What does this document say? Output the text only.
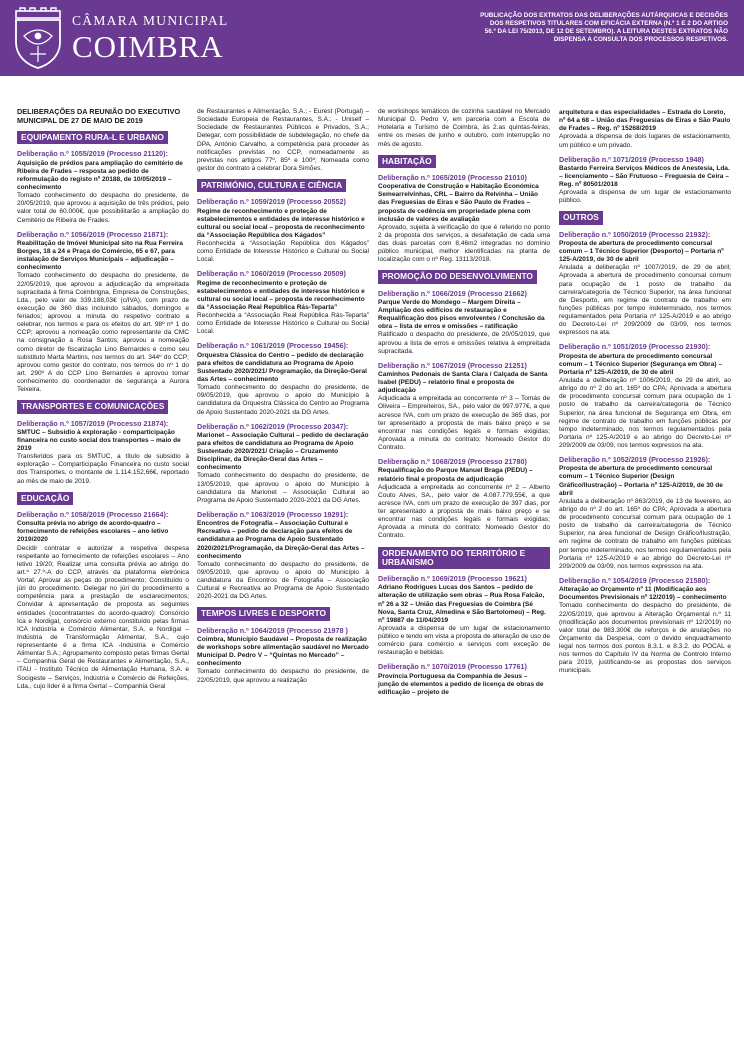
CÂMARA MUNICIPAL
COIMBRA
PUBLICAÇÃO DOS EXTRATOS DAS DELIBERAÇÕES AUTÁRQUICAS E DECISÕES DOS RESPETIVOS TITULARES COM EFICÁCIA EXTERNA (N.º 1 E 2 DO ARTIGO 56.º DA LEI 75/2013, DE 12 DE SETEMBRO). A LEITURA DESTES EXTRATOS NÃO DISPENSA A CONSULTA DOS PROCESSOS RESPETIVOS.
DELIBERAÇÕES DA REUNIÃO DO EXECUTIVO MUNICIPAL DE 27 DE MAIO DE 2019
EQUIPAMENTO RURA-L E URBANO
Deliberação n.º 1055/2019 (Processo 21120):
Aquisição de prédios para ampliação do cemitério de Ribeira de Frades – resposta ao pedido de reformulação do registo nº 20188, de 10/05/2019 – conhecimento
Tomado conhecimento do despacho do presidente, de 20/05/2019, que aprovou a aquisição de três prédios, pelo valor total de 60.000€, que possibilitarão a ampliação do Cemitério de Ribeira de Frades.
Deliberação n.º 1056/2019 (Processo 21871):
Reabilitação de Imóvel Municipal sito na Rua Ferreira Borges, 18 a 24 e Praça do Comércio, 65 e 67, para instalação de Serviços Municipais – adjudicação – conhecimento
Tomado conhecimento do despacho do presidente, de 22/05/2019, que aprovou a adjudicação da empreitada supracitada à firma Coimbrigna, Empresa de Construções, Lda., pelo valor de 339.188,03€ (c/IVA), com prazo de execução de 360 dias incluindo sábados, domingos e feriados; aprovou a minuta do respetivo contrato a celebrar, nos termos e para os efeitos do art. 98º nº 1 do CCP; aprovou a nomeação como representante da CMC na consignação a Rosa Santos; aprovou a nomeação como diretor de fiscalização Lino Bernardes e como seu substituto Marta Martins, nos termos do art. 344º do CCP; aprovou como gestor do contrato, nos termos do nº 1 do art. 290º A do CCP Lino Bernardes e aprovou tomar conhecimento do coordenador de segurança a Aurora Teixeira.
TRANSPORTES E COMUNICAÇÕES
Deliberação n.º 1057/2019 (Processo 21874):
SMTUC – Subsídio à exploração - comparticipação financeira no custo social dos transportes – maio de 2019
Transferidos para os SMTUC, a título de subsídio à exploração – Comparticipação Financeira no custo social dos Transportes, o montante de 1.114.152,66€, reportado ao mês de maio de 2019.
EDUCAÇÃO
Deliberação n.º 1058/2019 (Processo 21664):
Consulta prévia no abrigo de acordo-quadro – fornecimento de refeições escolares – ano letivo 2019/2020
Decidir contratar e autorizar a respetiva despesa respeitante ao fornecimento de refeições escolares – Ano letivo 19/20; Realizar uma consulta prévia ao abrigo do art.º 27.º-A do CCP, através da plataforma eletrónica Vortal; Aprovar as peças do procedimento; Constituído o júri do procedimento. Delegar no júri do procedimento a competência para a prestação de esclarecimentos; Convidar à apresentação de proposta as seguintes entidades (cocontratantes do acordo-quadro): Consórcio Ica e Nordigal, consórcio externo constituído pelas firmas ICA Indústria e Comércio Alimentar, S.A. e Nordigal – Indústria de Transformação Alimentar, S.A., cujo representante é a firma ICA -Indústria e Comércio Alimentar S.A.; Agrupamento composto pelas firmas Gertal – Companhia Geral de Restaurantes e Alimentação, S.A., ITAU - Instituto Técnico de Alimentação Humana, S.A. e Socigeste – Serviços, Indústria e Comércio de Refeições, Lda., cujo líder é a firma Gertal – Companhia Geral
de Restaurantes e Alimentação, S.A.; - Eurest (Portugal) – Sociedade Europeia de Restaurantes, S.A.; - Uniself – Sociedade de Restaurantes Públicos e Privados, S.A.; Delegar, com possibilidade de subdelegação, no chefe da DPA, António Carvalho, a competência para proceder às notificações previstas no CCP, nomeadamente as previstas nos artigos 77º, 85º e 100º; Nomeada como gestor do contrato a celebrar Dora Simões.
PATRIMÓNIO, CULTURA E CIÊNCIA
Deliberação n.º 1059/2019 (Processo 20552)
Regime de reconhecimento e proteção de estabelecimentos e entidades de interesse histórico e cultural ou social local – proposta de reconhecimento da “Associação República dos Kágados”
Reconhecida a “Associação República dos Kágados” como Entidade de Interesse Histórico e Cultural ou Social Local.
Deliberação n.º 1060/2019 (Processo 20509)
Regime de reconhecimento e proteção de estabelecimentos e entidades de interesse histórico e cultural ou social local – proposta de reconhecimento da “Associação Real República Rás-Teparta”
Reconhecida a “Associação Real República Rás-Teparta” como Entidade de Interesse Histórico e Cultural ou Social Local.
Deliberação n.º 1061/2019 (Processo 19456):
Orquestra Clássica do Centro – pedido de declaração para efeitos de candidatura ao Programa de Apoio Sustentado 2020/2021/ Programação, da Direção-Geral das Artes – conhecimento
Tomado conhecimento do despacho do presidente, de 09/05/2019, que aprovou o apoio do Município à candidatura da Orquestra Clássica do Centro ao Programa de Apoio Sustentado 2020-2021 da DG Artes.
Deliberação n.º 1062/2019 (Processo 20347):
Marionet – Associação Cultural – pedido de declaração para efeitos de candidatura ao Programa de Apoio Sustentado 2020/2021/ Criação – Cruzamento Disciplinar, da Direção-Geral das Artes – conhecimento
Tomado conhecimento do despacho do presidente, de 13/05/2019, que aprovou o apoio do Município à candidatura da Marionet – Associação Cultural ao Programa de Apoio Sustentado 2020-2021 da DG Artes.
Deliberação n.º 1063/2019 (Processo 19291):
Encontros de Fotografia – Associação Cultural e Recreativa – pedido de declaração para efeitos de candidatura ao Programa de Apoio Sustentado 2020/2021/Programação, da Direção-Geral das Artes – conhecimento
Tomado conhecimento do despacho do presidente, de 09/05/2019, que aprovou o apoio do Município à candidatura da Encontros de Fotografia – Associação Cultural e Recreativa ao Programa de Apoio Sustentado 2020-2021 da DG Artes.
TEMPOS LIVRES E DESPORTO
Deliberação n.º 1064/2019 (Processo 21978 )
Coimbra, Município Saudável – Proposta de realização de workshops sobre alimentação saudável no Mercado Municipal D. Pedro V – “Quintas no Mercado” – conhecimento
Tomado conhecimento do despacho do presidente, de 22/05/2019, que aprovou a realização
de workshops temáticos de cozinha saudável no Mercado Municipal D. Pedro V, em parceria com a Escola de Hotelaria e Turismo de Coimbra, às 2.as quintas-feiras, entre os meses de junho e outubro, com interrupção no mês de agosto.
HABITAÇÃO
Deliberação n.º 1065/2019 (Processo 21010)
Cooperativa de Construção e Habitação Económica Semearrelvinhas, CRL – Bairro da Relvinha – União das Freguesias de Eiras e São Paulo de Frades – proposta de cedência em propriedade plena com inclusão de valores de avaliação
Aprovado, sujeita à verificação do que é referido no ponto 2 da proposta dos serviços, a desafetação de cada uma das duas parcelas com 8,46m2 integradas no domínio público municipal, melhor identificadas na planta de localização com o nº Reg. 13113/2018.
PROMOÇÃO DO DESENVOLVIMENTO
Deliberação n.º 1066/2019 (Processo 21662)
Parque Verde do Mondego – Margem Direita – Ampliação dos edifícios de restauração e Requalificação dos pisos envolventes / Conclusão da obra – lista de erros e omissões – ratificação
Ratificado o despacho do presidente, de 20/05/2019, que aprovou a lista de erros e omissões relativa à empreitada supracitada.
Deliberação n.º 1067/2019 (Processo 21251)
Caminhos Pedonais de Santa Clara / Calçada de Santa Isabel (PEDU) – relatório final e proposta de adjudicação
Adjudicada a empreitada ao concorrente nº 3 – Tomás de Oliveira – Empreiteiros, SA., pelo valor de 997.977€, a que acresce IVA, com um prazo de execução de 365 dias, por ter apresentado a proposta de mais baixo preço e se encontrar nas condições legais e formais exigidas; Aprovada a minuta do contrato; Nomeado Gestor do Contrato.
Deliberação n.º 1068/2019 (Processo 21780)
Requalificação do Parque Manuel Braga (PEDU) – relatório final e proposta de adjudicação
Adjudicada a empreitada ao concorrente nº 2 – Alberto Couto Alves, SA., pelo valor de 4.087.779,55€, a que acresce IVA, com um prazo de execução de 397 dias, por ter apresentado a proposta de mais baixo preço e se encontrar nas condições legais e formais exigidas; Aprovada a minuta do contrato; Nomeado Gestor do Contrato.
ORDENAMENTO DO TERRITÓRIO E URBANISMO
Deliberação n.º 1069/2019 (Processo 19621)
Adriano Rodrigues Lucas dos Santos – pedido de alteração de utilização sem obras – Rua Rosa Falcão, nº 26 a 32 – União das Freguesias de Coimbra (Sé Nova, Santa Cruz, Almedina e São Bartolomeu) – Reg. nº 19887 de 11/04/2019
Aprovada a dispensa de um lugar de estacionamento público e tendo em vista a proposta de alteração de uso de comércio para comércio e serviços com exceção de restauração e bebidas.
Deliberação n.º 1070/2019 (Processo 17761)
Província Portuguesa da Companhia de Jesus – junção de elementos a pedido de licença de obras de edificação – projeto de
arquitetura e das especialidades – Estrada do Loreto, nº 64 a 68 – União das Freguesias de Eiras e São Paulo de Frades – Reg. nº 15268/2019
Aprovada a dispensa de dois lugares de estacionamento, um público e um privado.
Deliberação n.º 1071/2019 (Processo 1948)
Bastardo Ferreira Serviços Médicos de Anestesia, Lda. – licenciamento – São Frutuoso – Freguesia de Ceira – Reg. nº 80501/2018
Aprovada a dispensa de um lugar de estacionamento público.
OUTROS
Deliberação n.º 1050/2019 (Processo 21932):
Proposta de abertura de procedimento concursal comum – 1 Técnico Superior (Desporto) – Portaria nº 125-A/2019, de 30 de abril
Anulada a deliberação nº 1007/2019, de 29 de abril; Aprovada a abertura de procedimento concursal comum para ocupação de 1 posto de trabalho da carreira/categoria de Técnico Superior, na área funcional de Desporto, em regime de contrato de trabalho em funções públicas por tempo indeterminado, nos termos regulamentados pela Portaria nº 125-A/2019 e ao abrigo do Decreto-Lei nº 209/2009 de 03/09, nos termos expressos na ata.
Deliberação n.º 1051/2019 (Processo 21930):
Proposta de abertura de procedimento concursal comum – 1 Técnico Superior (Segurança em Obra) – Portaria nº 125-A/2019, de 30 de abril
Anulada a deliberação nº 1006/2019, de 29 de abril, ao abrigo do nº 2 do art. 165º do CPA; Aprovada a abertura de procedimento concursal comum para ocupação de 1 posto de trabalho da carreira/categoria de Técnico Superior, na área funcional de Segurança em Obra, em regime de contrato de trabalho em funções públicas por tempo indeterminado, nos termos regulamentados pela Portaria nº 125-A/2019 e ao abrigo do Decreto-Lei nº 209/2009 de 03/09, nos termos expressos na ata.
Deliberação n.º 1052/2019 (Processo 21926):
Proposta de abertura de procedimento concursal comum – 1 Técnico Superior (Design Gráfico/Ilustração) – Portaria nº 125-A/2019, de 30 de abril
Anulada a deliberação nº 863/2019, de 13 de fevereiro, ao abrigo do nº 2 do art. 165º do CPA; Aprovada a abertura de procedimento concursal comum para ocupação de 1 posto de trabalho da carreira/categoria de Técnico Superior, na área funcional de Design Gráfico/Ilustração, em regime de contrato de trabalho em funções públicas por tempo indeterminado, nos termos regulamentados pela Portaria nº 125-A/2019 e ao abrigo do Decreto-Lei nº 209/2009 de 03/09, nos termos expressos na ata.
Deliberação n.º 1054/2019 (Processo 21580):
Alteração ao Orçamento nº 11 (Modificação aos Documentos Previsionais nº 12/2019) – conhecimento
Tomado conhecimento do despacho do presidente, de 22/05/2019, que aprovou a Alteração Orçamental n.º 11 (modificação aos documentos previsionais nº 12/2019) no valor total de 983.300€ de reforços e de anulações no Orçamento da Despesa, com o devido enquadramento legal nos termos dos pontos 8.3.1. e 8.3.2. do POCAL e nos termos do Capítulo IV da Norma de Controlo Interno para 2019, justificando-se as propostas dos serviços municipais.
